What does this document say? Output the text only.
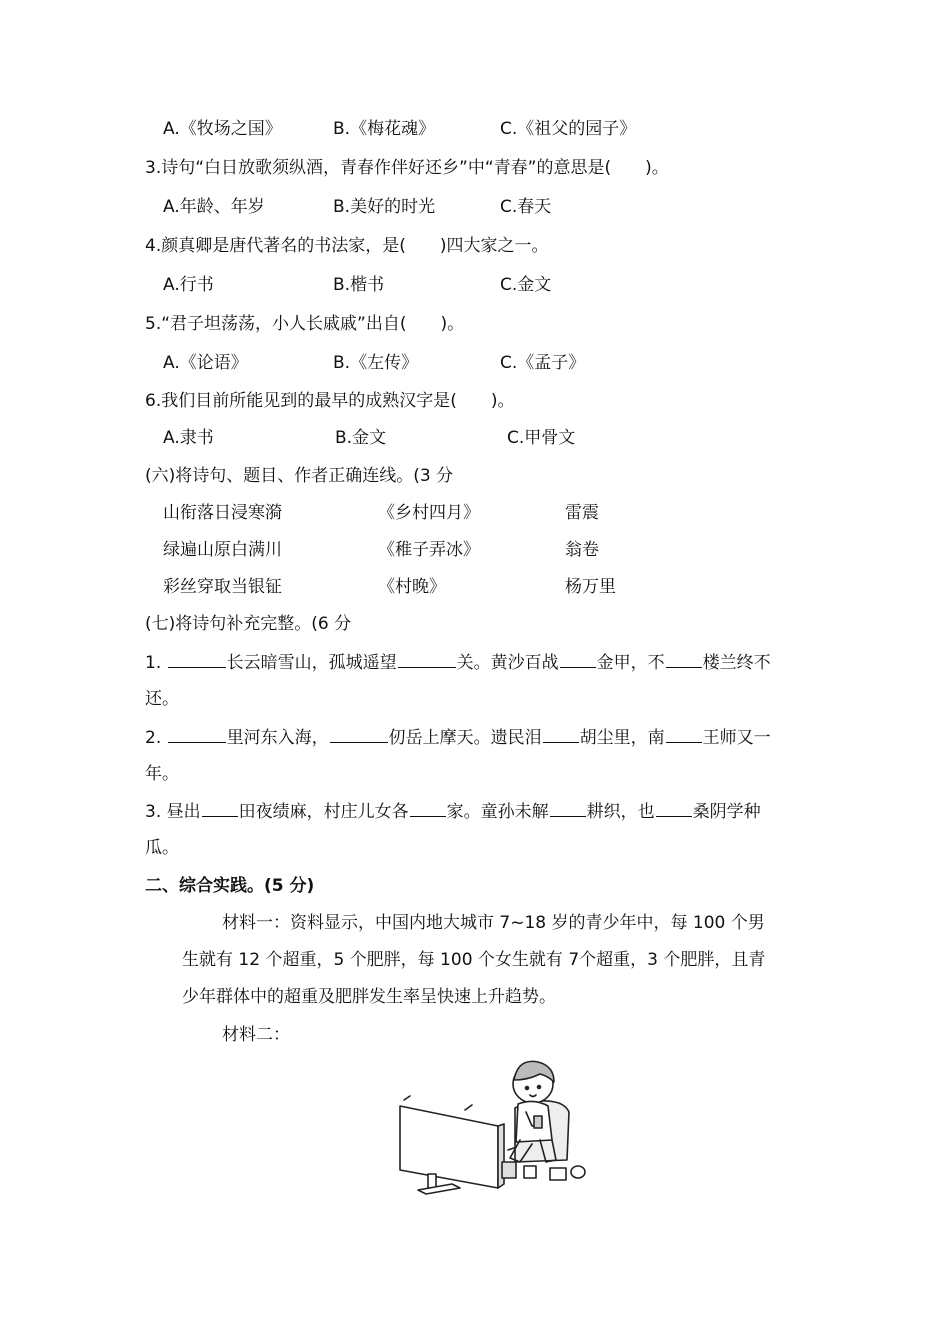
A.《牧场之国》	B.《梅花魂》	C.《祖父的园子》
3.诗句“白日放歌须纵酒，青春作伴好还乡”中“青春”的意思是(　　)。
A.年龄、年岁	B.美好的时光	C.春天
4.颜真卿是唐代著名的书法家，是(　　)四大家之一。
A.行书	B.楷书	C.金文
5.“君子坦荡荡，小人长戚戚”出自(　　)。
A.《论语》	B.《左传》	C.《孟子》
6.我们目前所能见到的最早的成熟汉字是(　　)。
A.隶书	B.金文	C.甲骨文
(六)将诗句、题目、作者正确连线。(3 分
山衔落日浸寒漪	《乡村四月》	雷震
绿遍山原白满川	《稚子弄冰》	翁卷
彩丝穿取当银钲	《村晚》	杨万里
(七)将诗句补充完整。(6 分
1.	长云暗雪山，孤城遥望	关。黄沙百战 金甲，不 楼兰终不
还。
2.	里河东入海，	仞岳上摩天。遗民泪 胡尘里，南 王师又一
年。
3. 昼出 田夜绩麻，村庄儿女各 家。童孙未解 耕织，也 桑阴学种
瓜。
二、综合实践。(5 分)
材料一：资料显示，中国内地大城市 7~18 岁的青少年中，每 100 个男
生就有 12 个超重，5 个肥胖，每 100 个女生就有 7个超重，3 个肥胖，且青
少年群体中的超重及肥胖发生率呈快速上升趋势。
材料二：
